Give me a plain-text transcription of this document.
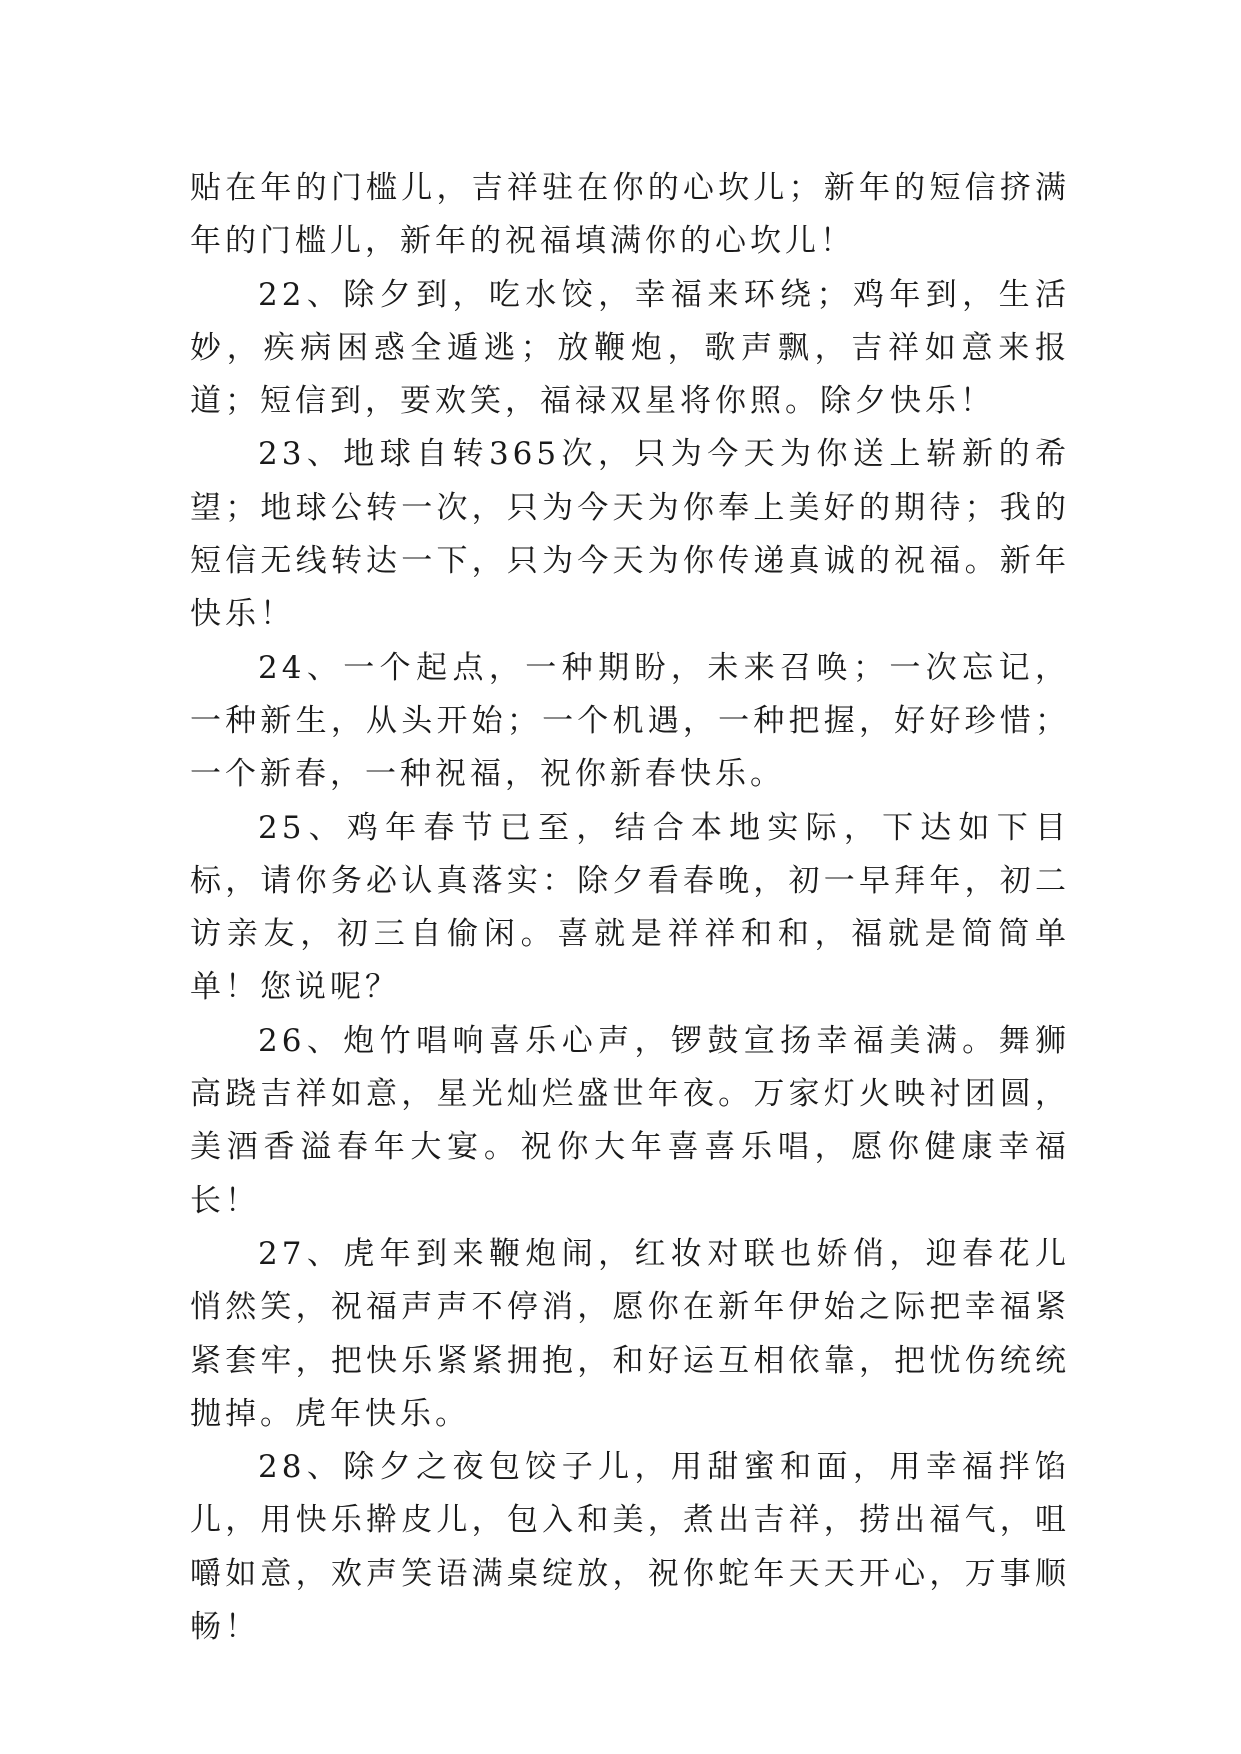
贴在年的门槛儿，吉祥驻在你的心坎儿；新年的短信挤满年的门槛儿，新年的祝福填满你的心坎儿！

22、除夕到，吃水饺，幸福来环绕；鸡年到，生活妙，疾病困惑全遁逃；放鞭炮，歌声飘，吉祥如意来报道；短信到，要欢笑，福禄双星将你照。除夕快乐！

23、地球自转365次，只为今天为你送上崭新的希望；地球公转一次，只为今天为你奉上美好的期待；我的短信无线转达一下，只为今天为你传递真诚的祝福。新年快乐！

24、一个起点，一种期盼，未来召唤；一次忘记，一种新生，从头开始；一个机遇，一种把握，好好珍惜；一个新春，一种祝福，祝你新春快乐。

25、鸡年春节已至，结合本地实际，下达如下目标，请你务必认真落实：除夕看春晚，初一早拜年，初二访亲友，初三自偷闲。喜就是祥祥和和，福就是简简单单！您说呢？

26、炮竹唱响喜乐心声，锣鼓宣扬幸福美满。舞狮高跷吉祥如意，星光灿烂盛世年夜。万家灯火映衬团圆，美酒香溢春年大宴。祝你大年喜喜乐唱，愿你健康幸福长！

27、虎年到来鞭炮闹，红妆对联也娇俏，迎春花儿悄然笑，祝福声声不停消，愿你在新年伊始之际把幸福紧紧套牢，把快乐紧紧拥抱，和好运互相依靠，把忧伤统统抛掉。虎年快乐。

28、除夕之夜包饺子儿，用甜蜜和面，用幸福拌馅儿，用快乐擀皮儿，包入和美，煮出吉祥，捞出福气，咀嚼如意，欢声笑语满桌绽放，祝你蛇年天天开心，万事顺畅！
